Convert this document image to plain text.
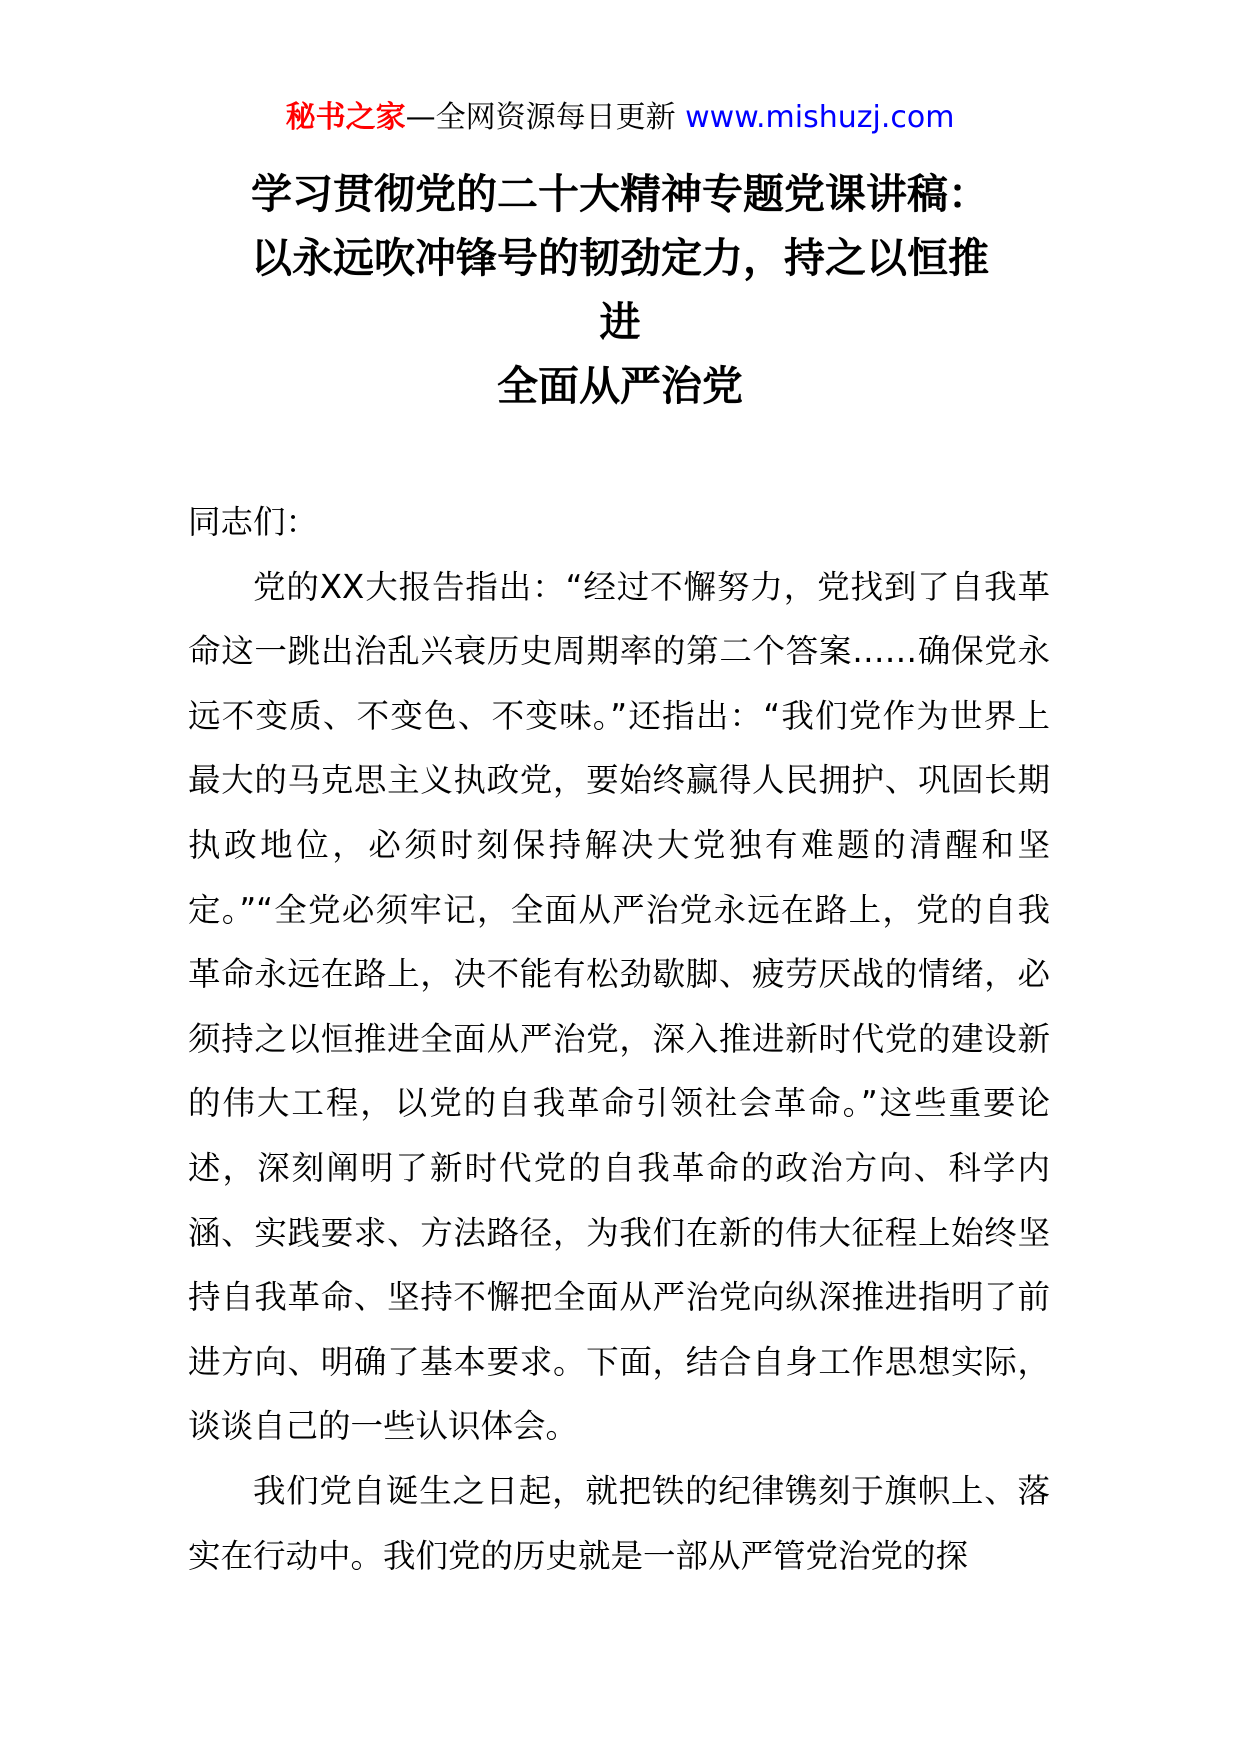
秘书之家—全网资源每日更新 www.mishuzj.com
学习贯彻党的二十大精神专题党课讲稿：
以永远吹冲锋号的韧劲定力，持之以恒推
进
全面从严治党

同志们：

党的XX大报告指出：“经过不懈努力，党找到了自我革命这一跳出治乱兴衰历史周期率的第二个答案……确保党永远不变质、不变色、不变味。”还指出：“我们党作为世界上最大的马克思主义执政党，要始终赢得人民拥护、巩固长期执政地位，必须时刻保持解决大党独有难题的清醒和坚定。”“全党必须牢记，全面从严治党永远在路上，党的自我革命永远在路上，决不能有松劲歇脚、疲劳厌战的情绪，必须持之以恒推进全面从严治党，深入推进新时代党的建设新的伟大工程，以党的自我革命引领社会革命。”这些重要论述，深刻阐明了新时代党的自我革命的政治方向、科学内涵、实践要求、方法路径，为我们在新的伟大征程上始终坚持自我革命、坚持不懈把全面从严治党向纵深推进指明了前进方向、明确了基本要求。下面，结合自身工作思想实际，谈谈自己的一些认识体会。

我们党自诞生之日起，就把铁的纪律镌刻于旗帜上、落实在行动中。我们党的历史就是一部从严管党治党的探
